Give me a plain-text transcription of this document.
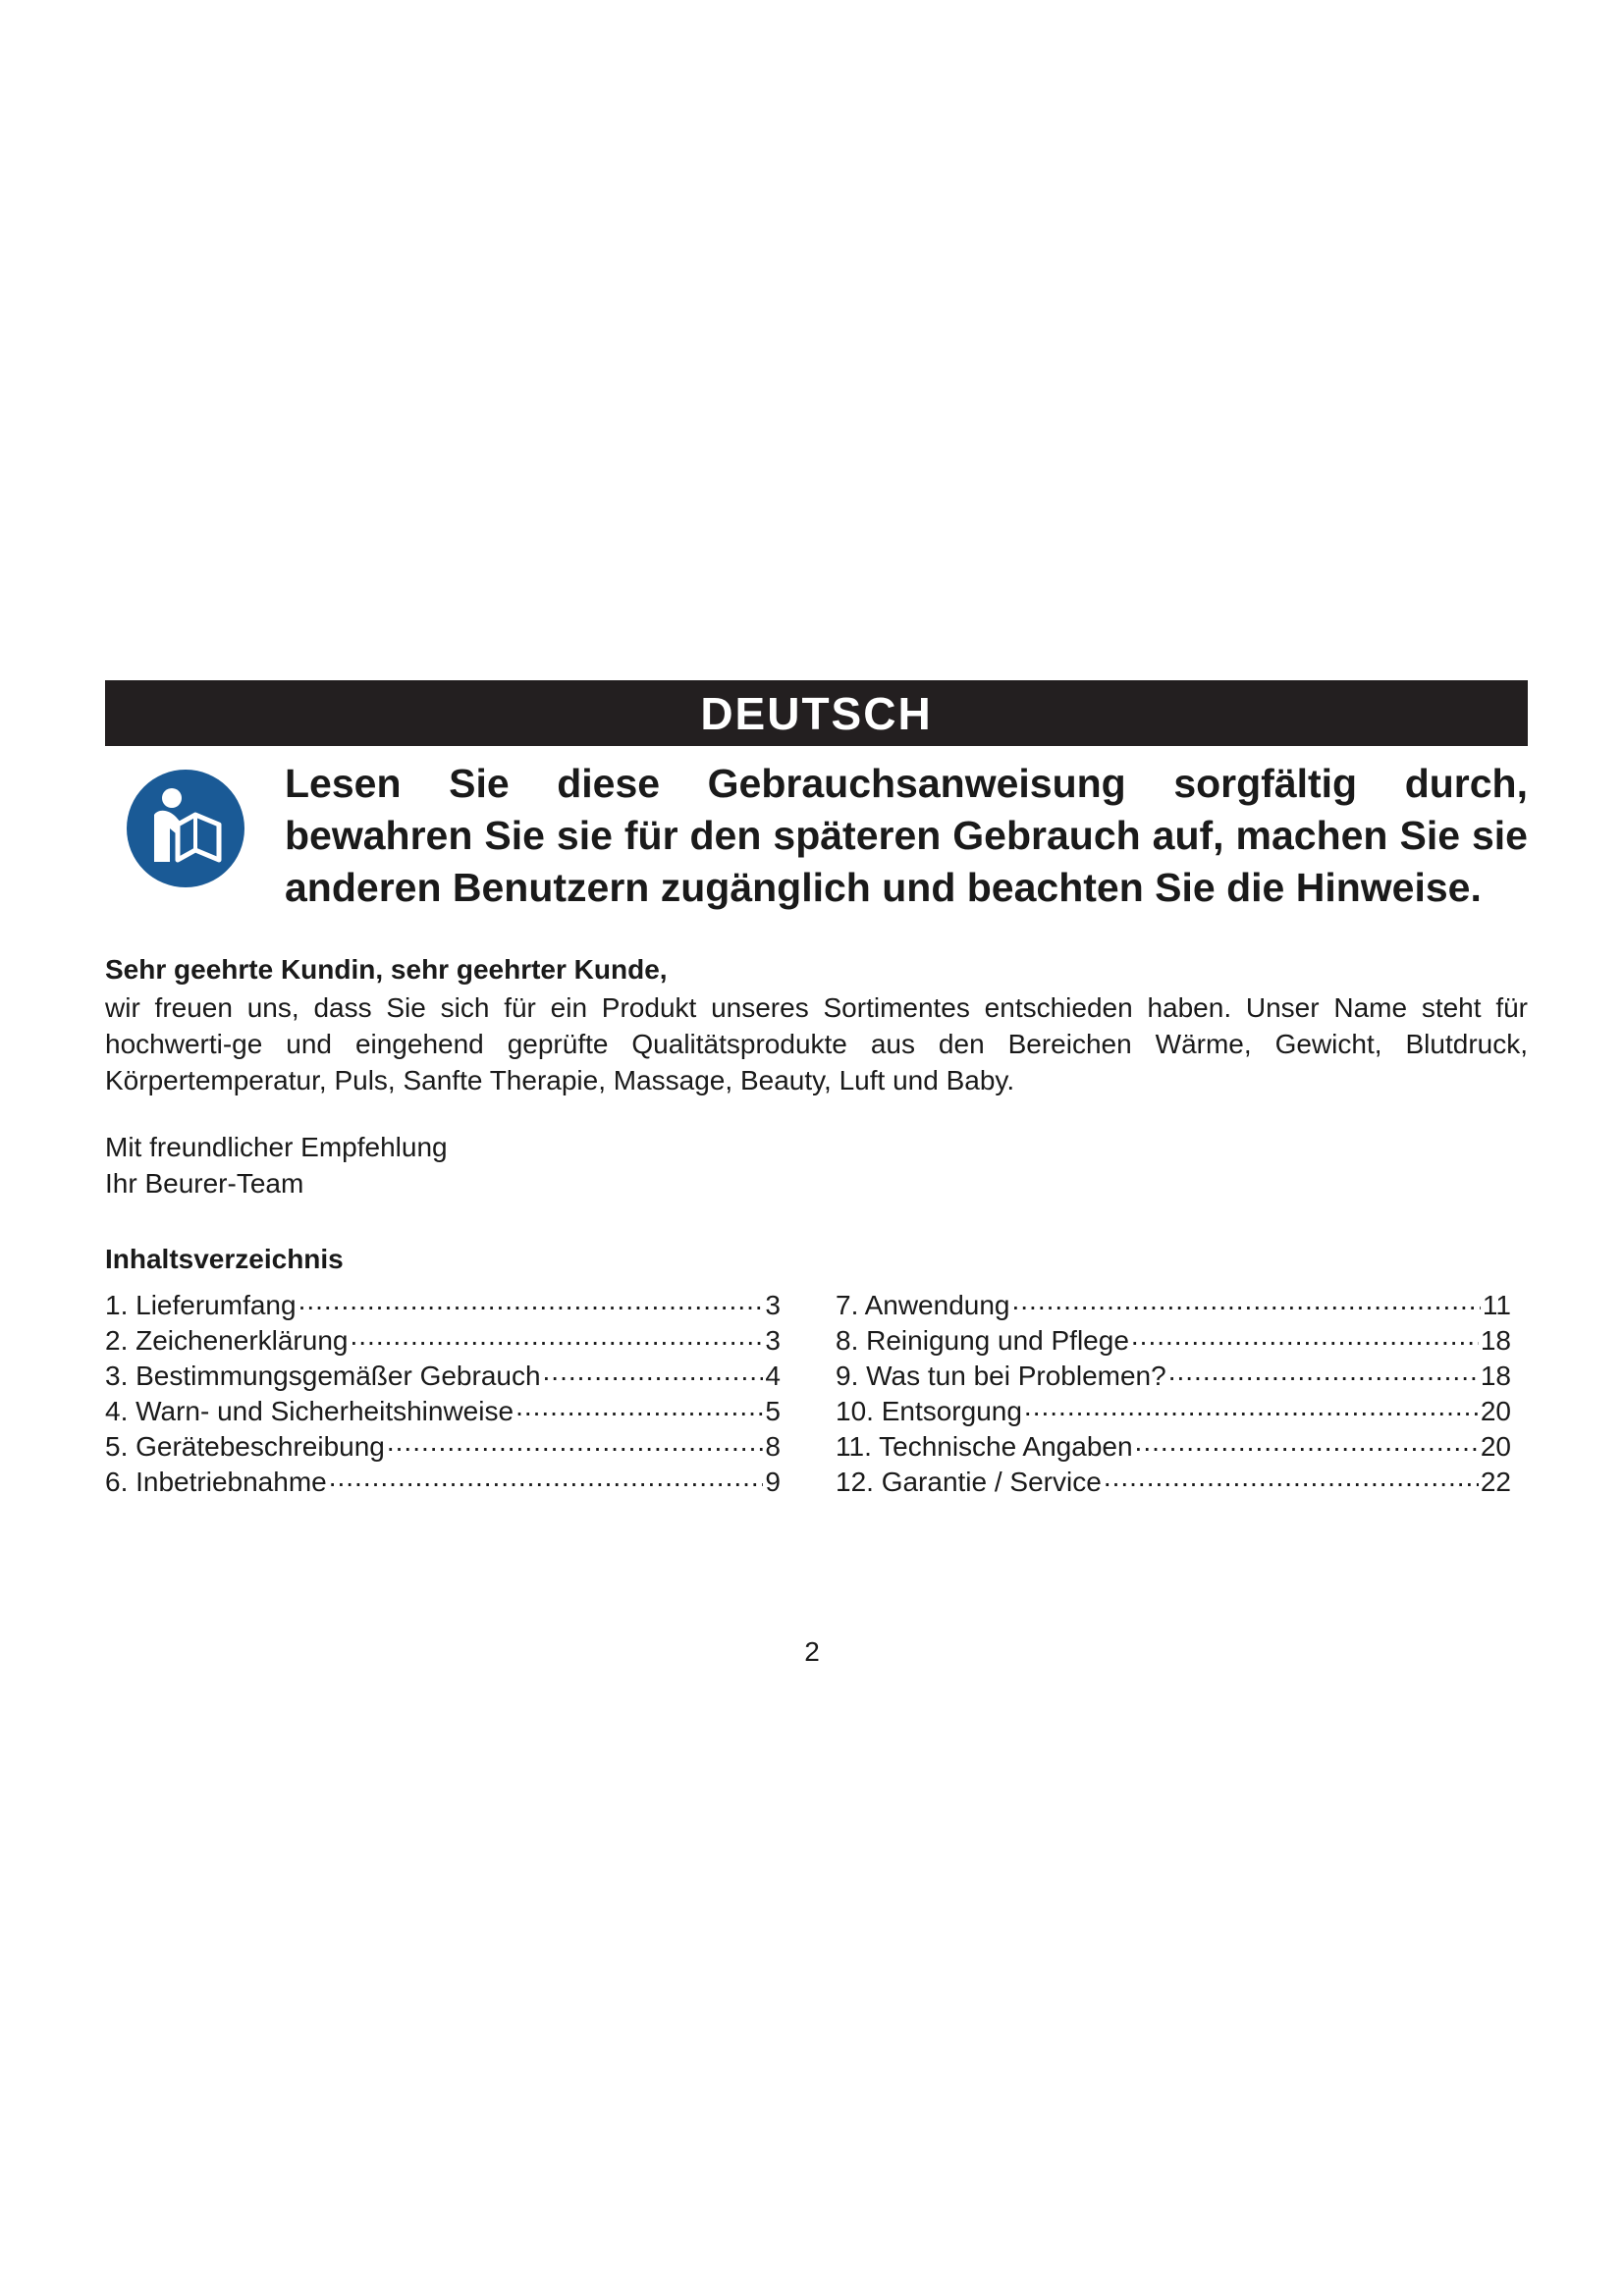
DEUTSCH
Lesen Sie diese Gebrauchsanweisung sorgfältig durch, bewahren Sie sie für den späteren Gebrauch auf, machen Sie sie anderen Benutzern zugänglich und beachten Sie die Hinweise.
Sehr geehrte Kundin, sehr geehrter Kunde,
wir freuen uns, dass Sie sich für ein Produkt unseres Sortimentes entschieden haben. Unser Name steht für hochwerti-ge und eingehend geprüfte Qualitätsprodukte aus den Bereichen Wärme, Gewicht, Blutdruck, Körpertemperatur, Puls, Sanfte Therapie, Massage, Beauty, Luft und Baby.
Mit freundlicher Empfehlung
Ihr Beurer-Team
Inhaltsverzeichnis
1. Lieferumfang .....	3
2. Zeichenerklärung .....	3
3. Bestimmungsgemäßer Gebrauch .....	4
4. Warn- und Sicherheitshinweise .....	5
5. Gerätebeschreibung .....	8
6. Inbetriebnahme .....	9
7. Anwendung .....	11
8. Reinigung und Pflege .....	18
9. Was tun bei Problemen? .....	18
10. Entsorgung .....	20
11. Technische Angaben .....	20
12. Garantie / Service .....	22
2
